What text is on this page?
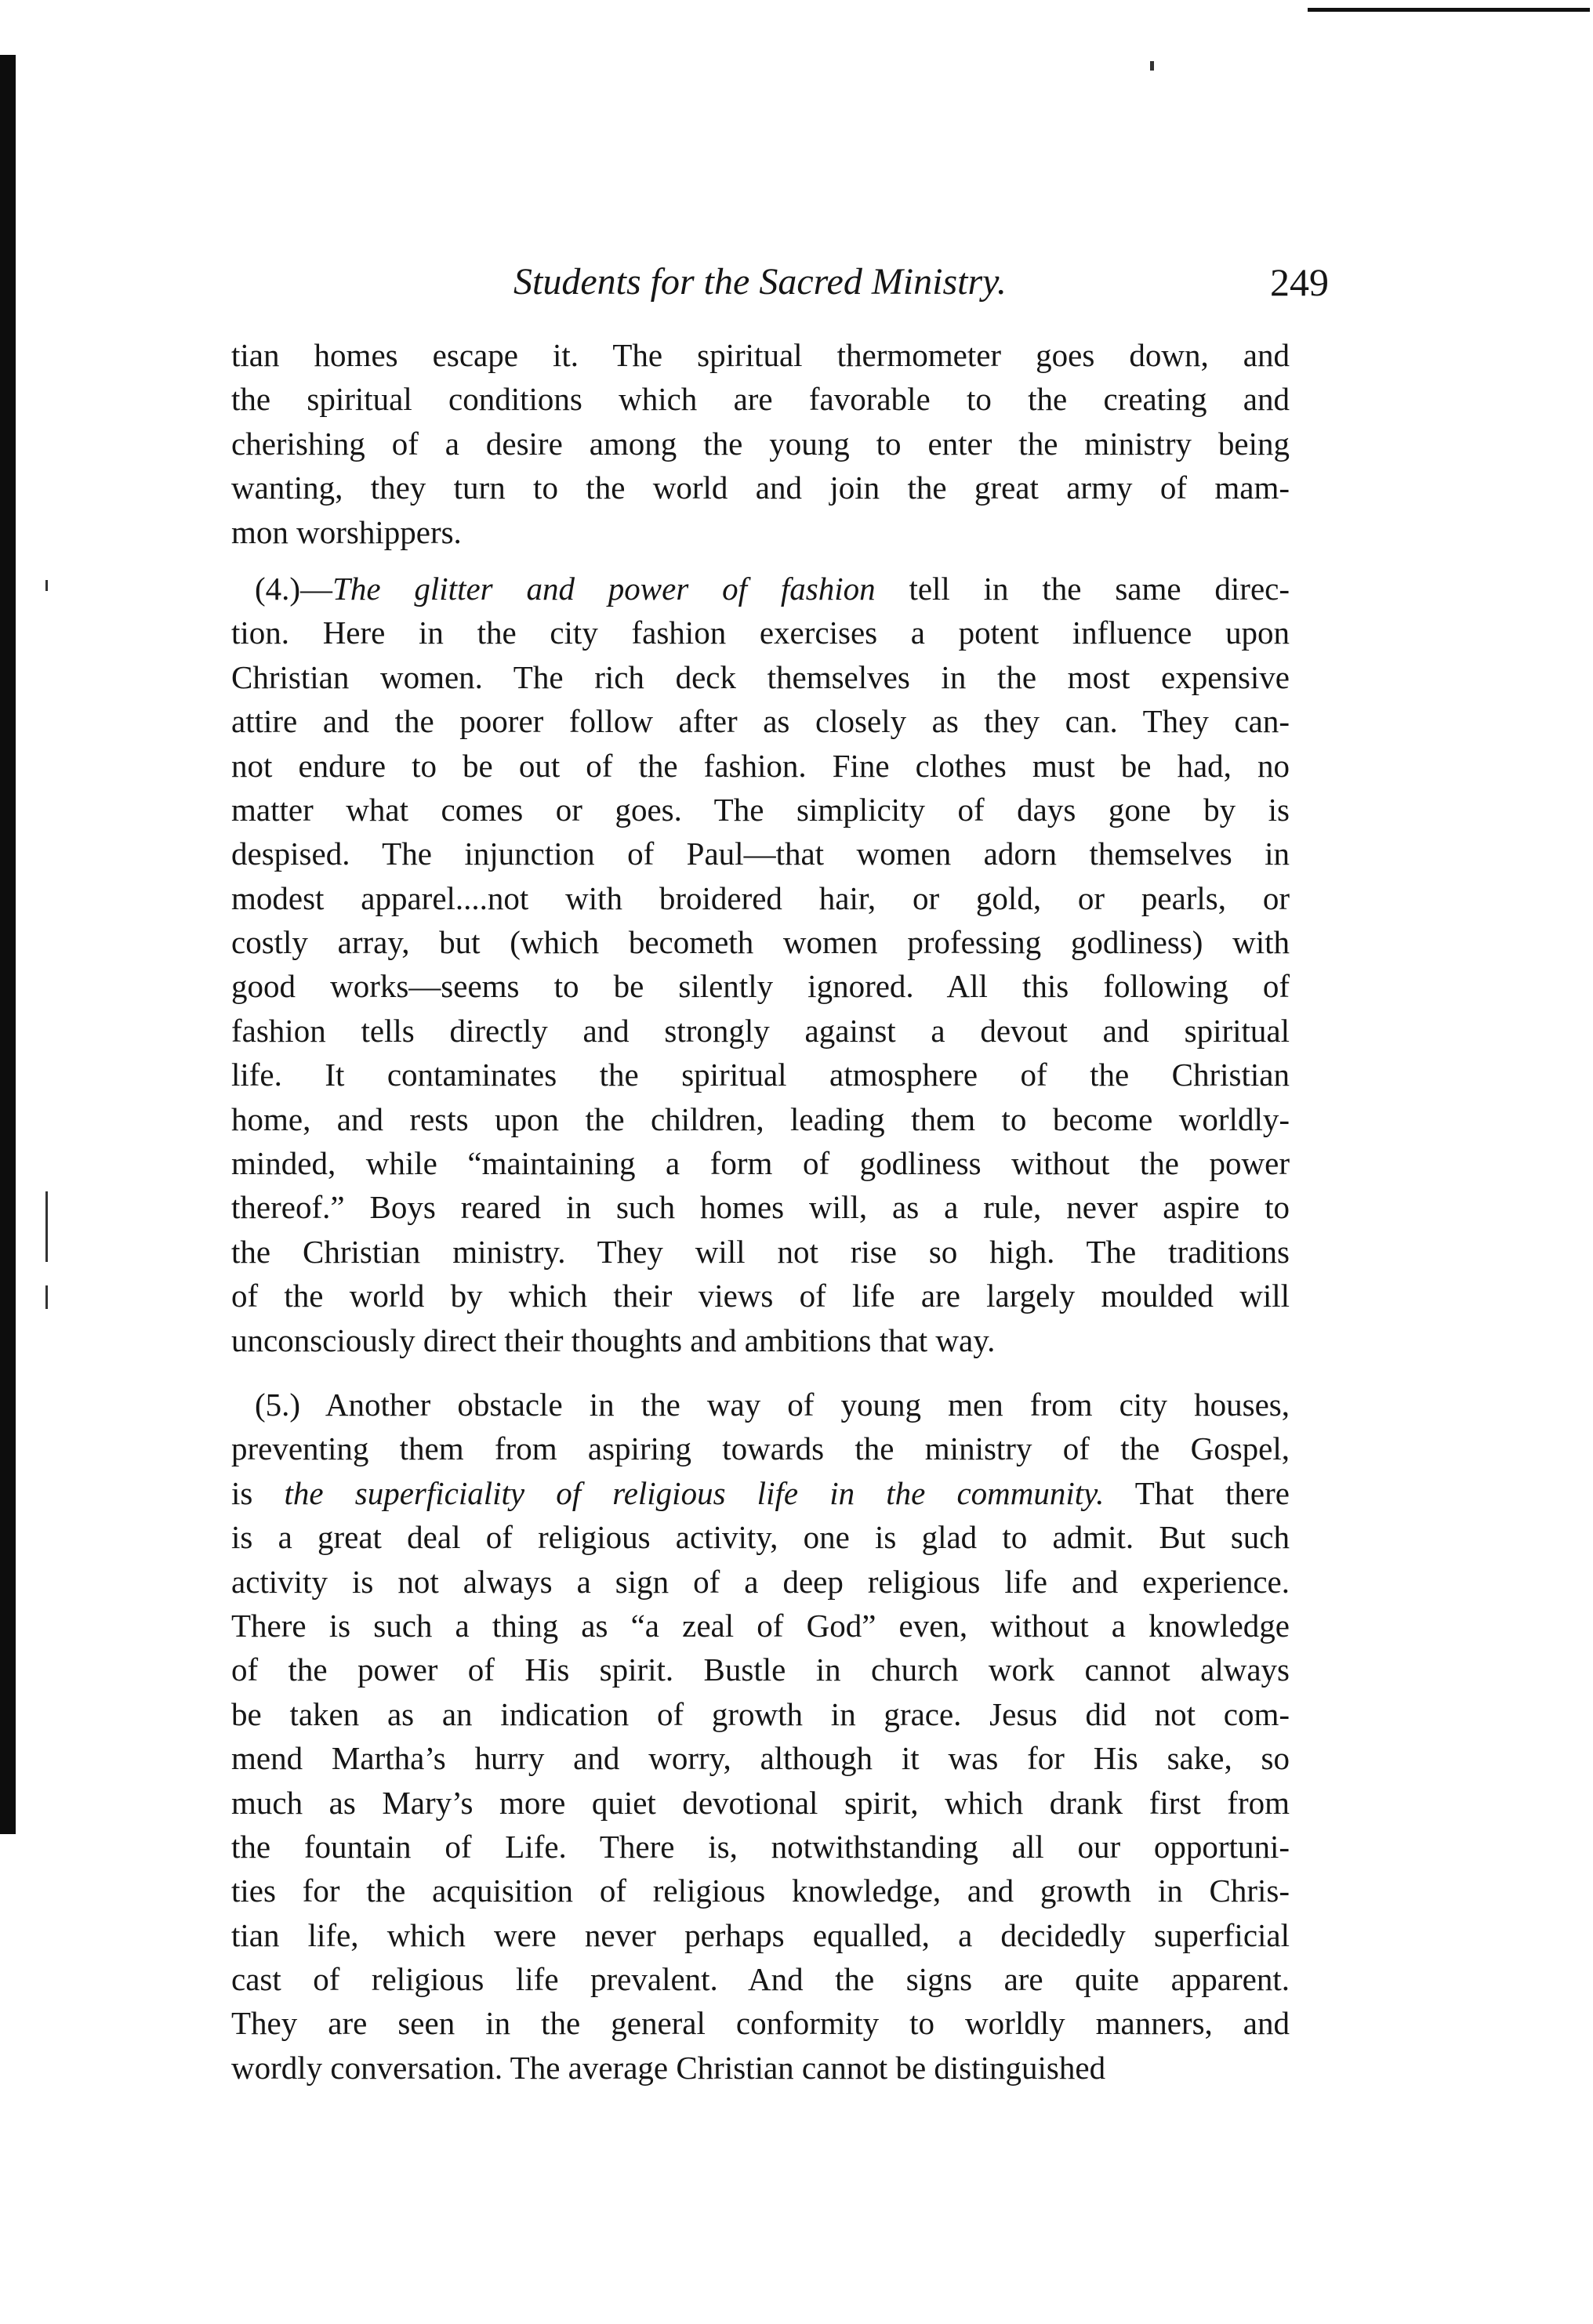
Students for the Sacred Ministry.	249
tian homes escape it. The spiritual thermometer goes down, and
the spiritual conditions which are favorable to the creating and
cherishing of a desire among the young to enter the ministry being
wanting, they turn to the world and join the great army of mam-
mon worshippers.
(4.)—The glitter and power of fashion tell in the same direc-
tion. Here in the city fashion exercises a potent influence upon
Christian women. The rich deck themselves in the most expensive
attire and the poorer follow after as closely as they can. They can-
not endure to be out of the fashion. Fine clothes must be had, no
matter what comes or goes. The simplicity of days gone by is
despised. The injunction of Paul—that women adorn themselves in
modest apparel....not with broidered hair, or gold, or pearls, or
costly array, but (which becometh women professing godliness) with
good works—seems to be silently ignored. All this following of
fashion tells directly and strongly against a devout and spiritual
life. It contaminates the spiritual atmosphere of the Christian
home, and rests upon the children, leading them to become worldly-
minded, while “maintaining a form of godliness without the power
thereof.” Boys reared in such homes will, as a rule, never aspire to
the Christian ministry. They will not rise so high. The traditions
of the world by which their views of life are largely moulded will
unconsciously direct their thoughts and ambitions that way.
(5.) Another obstacle in the way of young men from city houses,
preventing them from aspiring towards the ministry of the Gospel,
is the superficiality of religious life in the community. That there
is a great deal of religious activity, one is glad to admit. But such
activity is not always a sign of a deep religious life and experience.
There is such a thing as “a zeal of God” even, without a knowledge
of the power of His spirit. Bustle in church work cannot always
be taken as an indication of growth in grace. Jesus did not com-
mend Martha’s hurry and worry, although it was for His sake, so
much as Mary’s more quiet devotional spirit, which drank first from
the fountain of Life. There is, notwithstanding all our opportuni-
ties for the acquisition of religious knowledge, and growth in Chris-
tian life, which were never perhaps equalled, a decidedly superficial
cast of religious life prevalent. And the signs are quite apparent.
They are seen in the general conformity to worldly manners, and
wordly conversation. The average Christian cannot be distinguished
